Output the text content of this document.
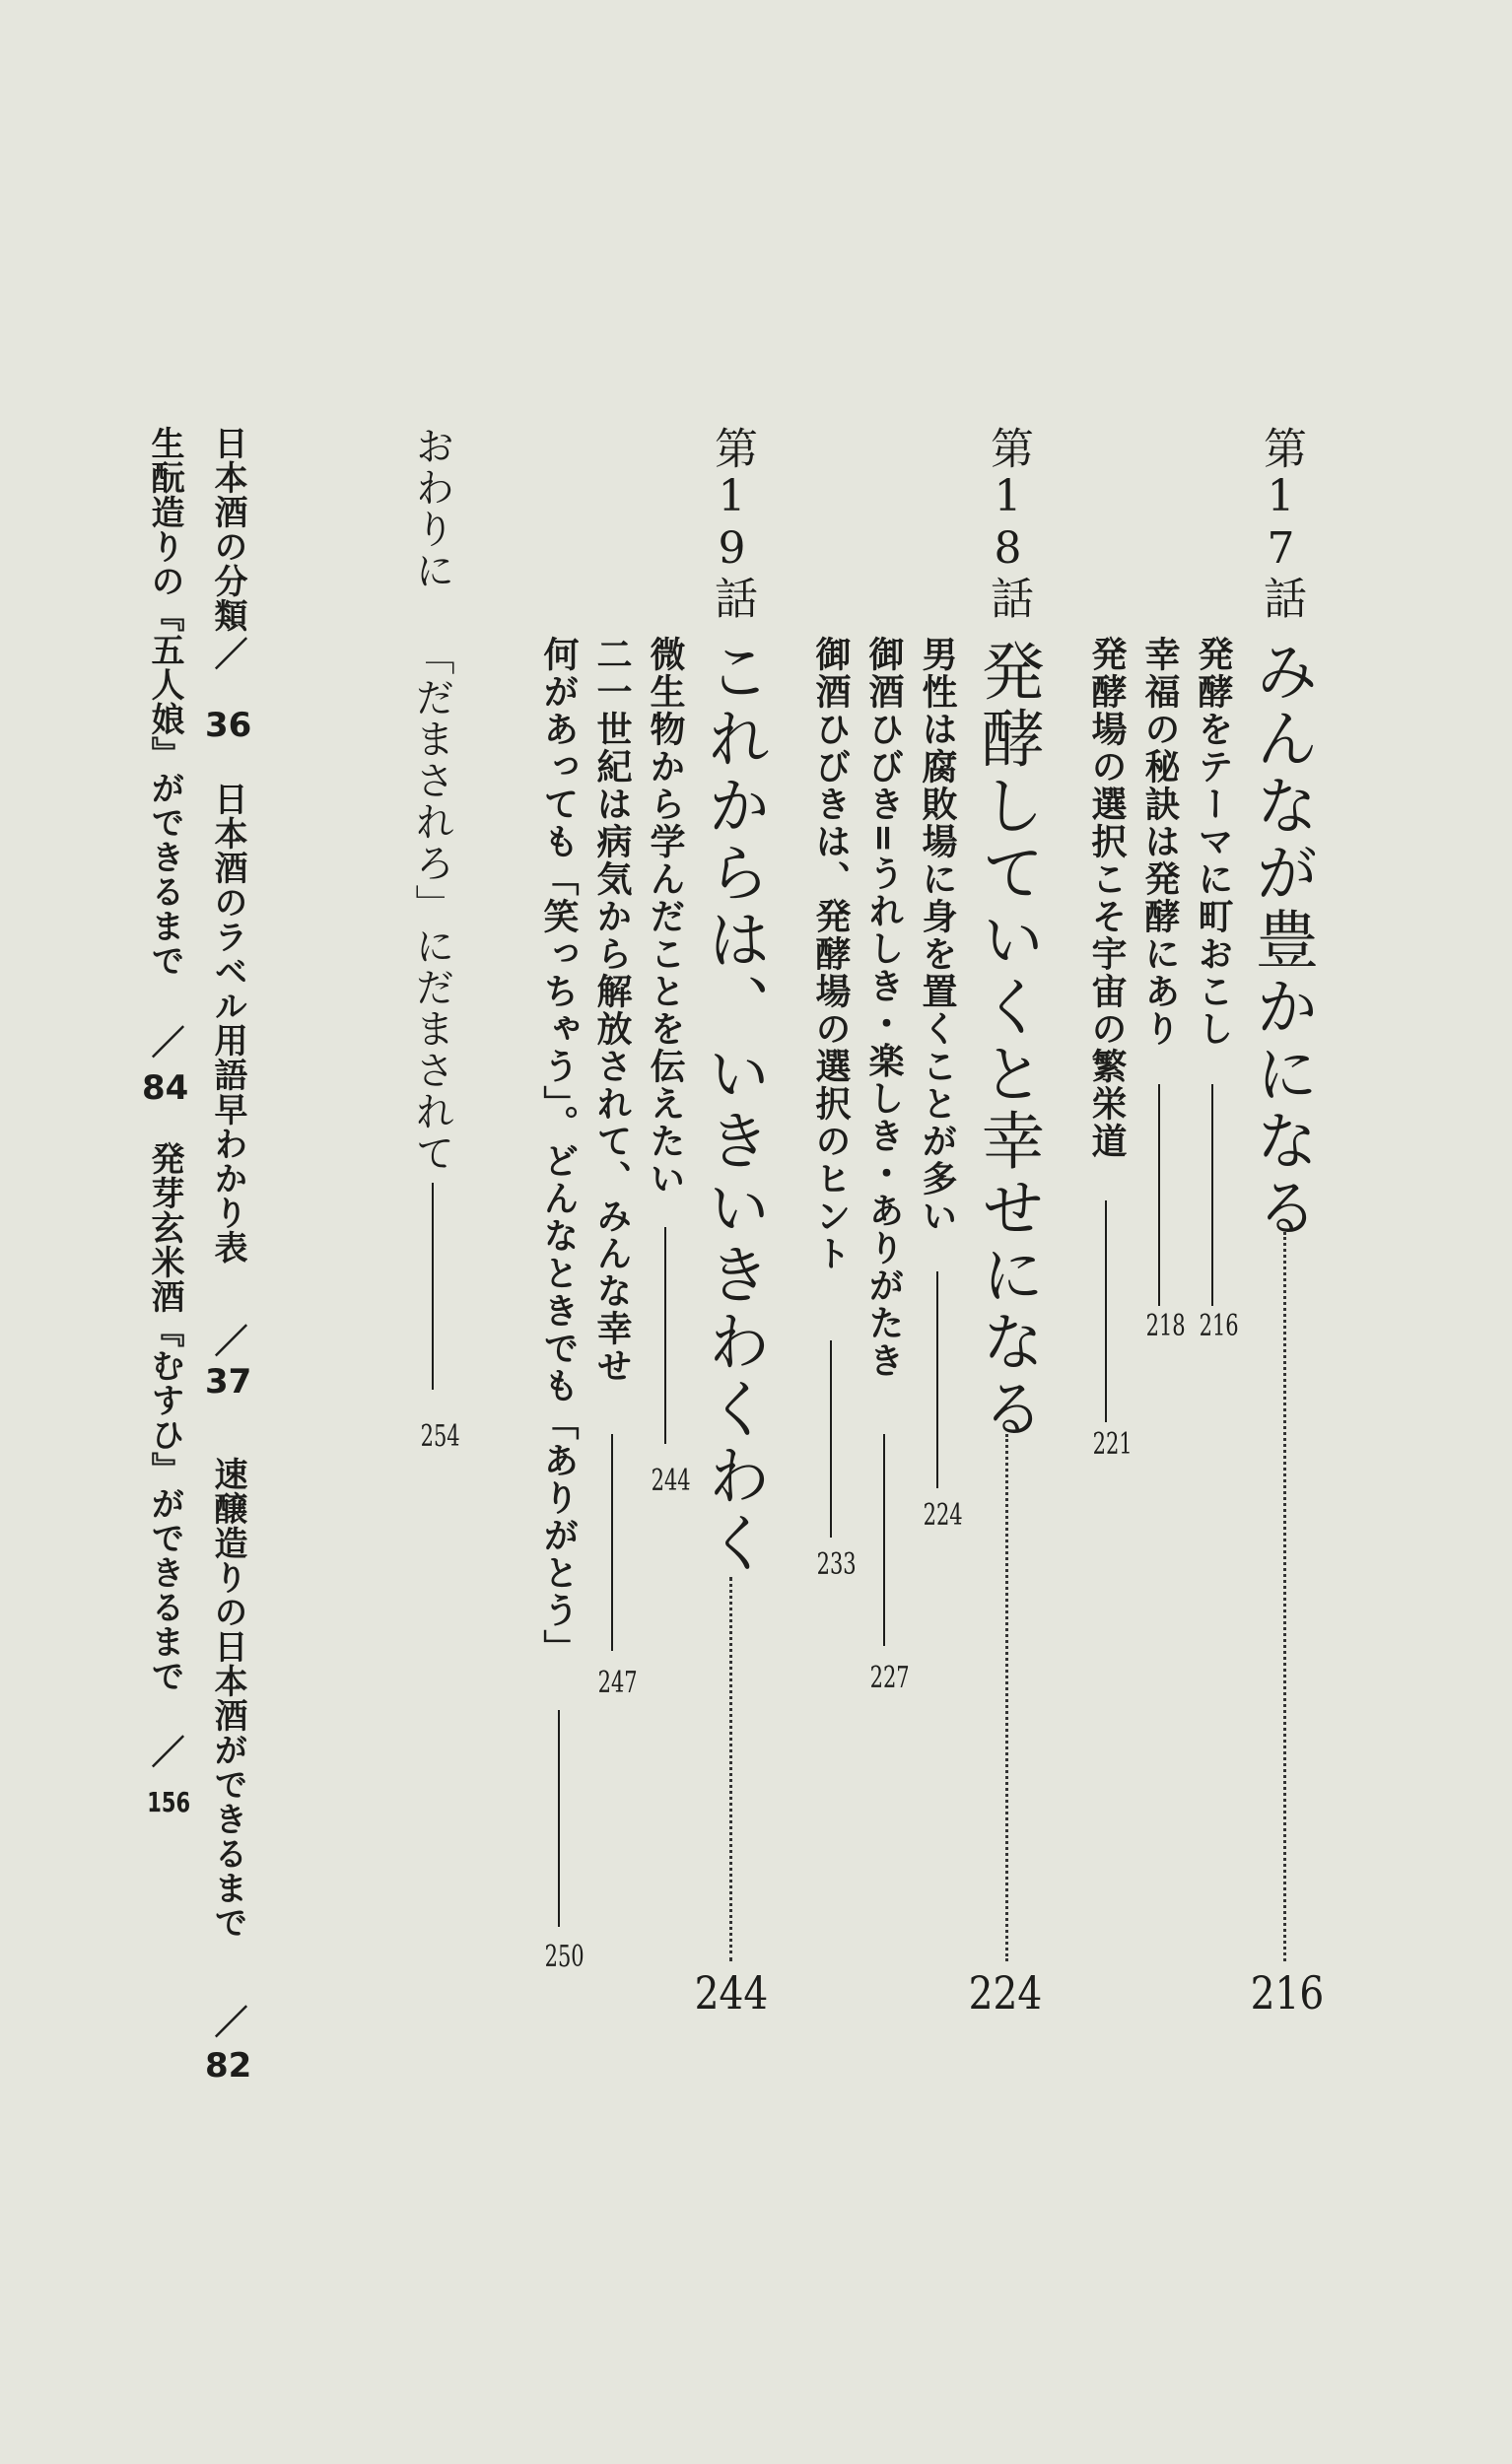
第17話
みんなが豊かになる
216
発酵をテーマに町おこし
216
幸福の秘訣は発酵にあり
218
発酵場の選択こそ宇宙の繁栄道
221
第18話
発酵していくと幸せになる
224
男性は腐敗場に身を置くことが多い
224
御酒ひびき=うれしき・楽しき・ありがたき
227
御酒ひびきは、発酵場の選択のヒント
233
第19話
これからは、いきいきわくわく
244
微生物から学んだことを伝えたい
244
二一世紀は病気から解放されて、みんな幸せ
247
何があっても「笑っちゃう」。どんなときでも「ありがとう」
250
おわりに
「だまされろ」にだまされて
254
日本酒の分類
／
36
日本酒のラベル用語早わかり表
／
37
速醸造りの日本酒ができるまで
／
82
生酛造りの『五人娘』ができるまで
／
84
発芽玄米酒『むすひ』ができるまで
／
156
